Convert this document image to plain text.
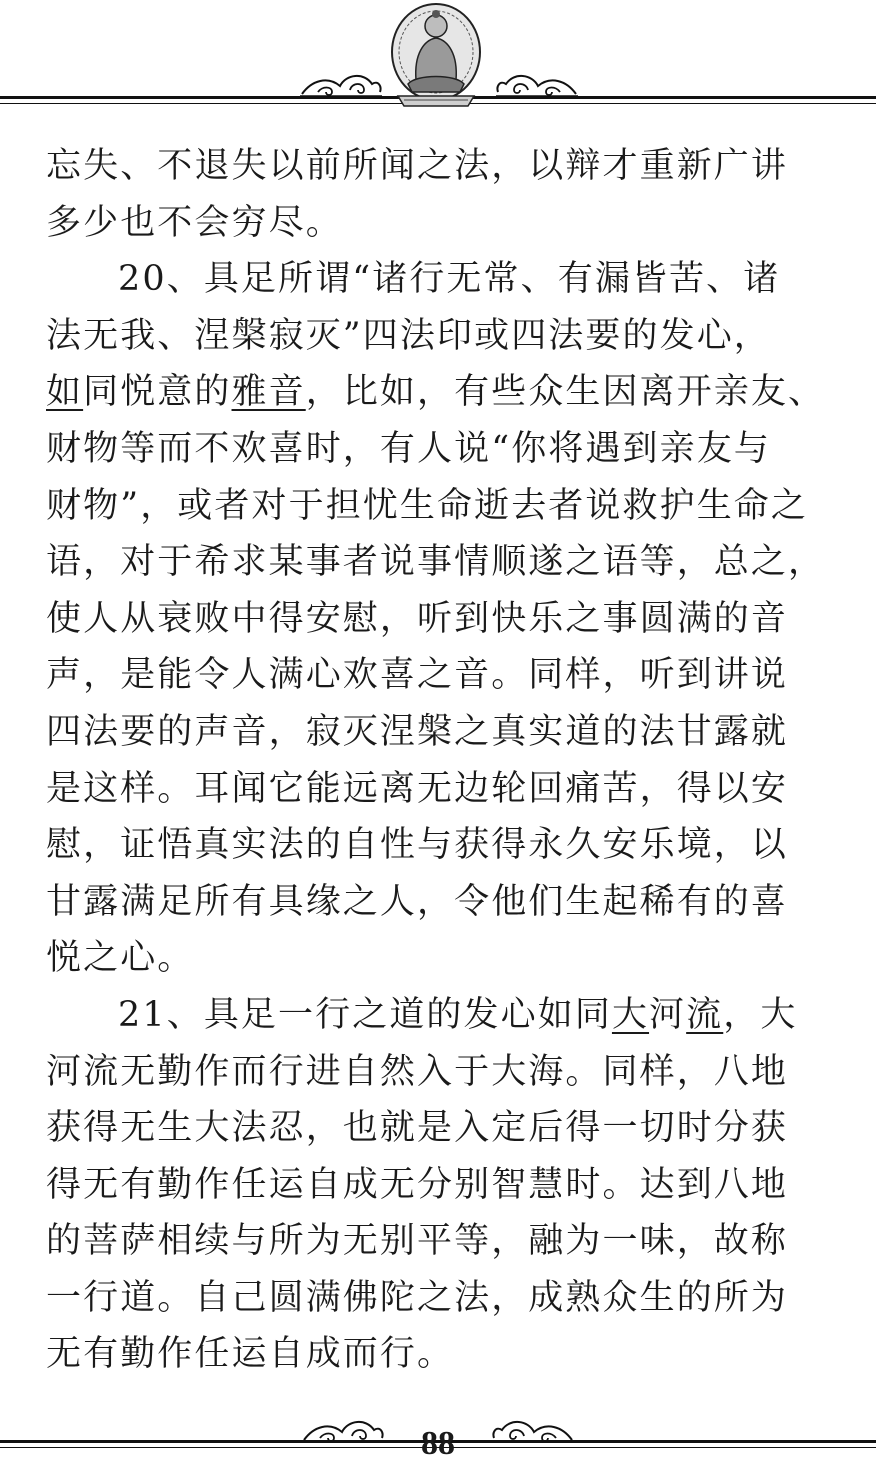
忘失、不退失以前所闻之法，以辩才重新广讲
多少也不会穷尽。
20、具足所谓“诸行无常、有漏皆苦、诸
法无我、涅槃寂灭”四法印或四法要的发心，
如同悦意的雅音，比如，有些众生因离开亲友、
财物等而不欢喜时，有人说“你将遇到亲友与
财物”，或者对于担忧生命逝去者说救护生命之
语，对于希求某事者说事情顺遂之语等，总之，
使人从衰败中得安慰，听到快乐之事圆满的音
声，是能令人满心欢喜之音。同样，听到讲说
四法要的声音，寂灭涅槃之真实道的法甘露就
是这样。耳闻它能远离无边轮回痛苦，得以安
慰，证悟真实法的自性与获得永久安乐境，以
甘露满足所有具缘之人，令他们生起稀有的喜
悦之心。
21、具足一行之道的发心如同大河流，大
河流无勤作而行进自然入于大海。同样，八地
获得无生大法忍，也就是入定后得一切时分获
得无有勤作任运自成无分别智慧时。达到八地
的菩萨相续与所为无别平等，融为一味，故称
一行道。自己圆满佛陀之法，成熟众生的所为
无有勤作任运自成而行。
88
